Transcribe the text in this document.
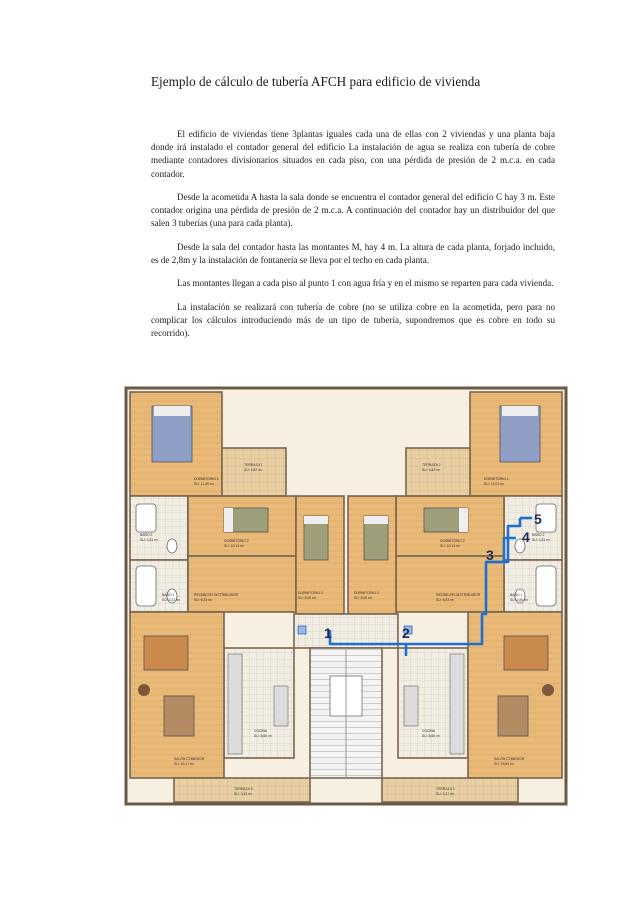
Ejemplo de cálculo de tubería AFCH para edificio de vivienda

El edificio de viviendas tiene 3plantas iguales cada una de ellas con 2 viviendas y una planta baja donde irá instalado el contador general del edificio La instalación de agua se realiza con tubería de cobre mediante contadores divisionarios situados en cada piso, con una pérdida de presión de 2 m.c.a. en cada contador.

Desde la acometida A hasta la sala donde se encuentra el contador general del edificio C hay 3 m. Este contador origina una pérdida de presión de 2 m.c.a. A continuación del contador hay un distribuidor del que salen 3 tuberías (una para cada planta).

Desde la sala del contador hasta las montantes M, hay 4 m. La altura de cada planta, forjado incluido, es de 2,8m y la instalación de fontanería se lleva por el techo en cada planta.

Las montantes llegan a cada piso al punto 1 con agua fría y en el mismo se reparten para cada vivienda.

La instalación se realizará con tubería de cobre (no se utiliza cobre en la acometida, pero para no complicar los cálculos introduciendo más de un tipo de tubería, supondremos que es cobre en todo su recorrido).

DORMITORIO 1
SU: 11,39 m²
TERRAZA 1
SU: 4,82 m²
TERRAZA 2
SU: 4,82 m²
DORMITORIO 1
SU: 12,01 m²
DORMITORIO 2
SU: 10,14 m²
DORMITORIO 2
SU: 10,14 m²
DORMITORIO 3
SU: 8,95 m²
DORMITORIO 3
SU: 8,95 m²
BAÑO 2
SU: 3,31 m²
BAÑO 1
SU: 4,42 m²
BAÑO 2
SU: 3,31 m²
BAÑO 1
SU: 3,86 m²
RECIBIDOR-DISTRIBUIDOR
SU: 6,33 m²
RECIBIDOR-DISTRIBUIDOR
SU: 6,33 m²
COCINA
SU: 8,66 m²
COCINA
SU: 8,66 m²
SALÓN COMEDOR
SU: 20,17 m²
SALÓN COMEDOR
SU: 19,89 m²
TERRAZA 3
SU: 3,13 m²
TERRAZA 3
SU: 3,17 m²
1	2
3
4
5
